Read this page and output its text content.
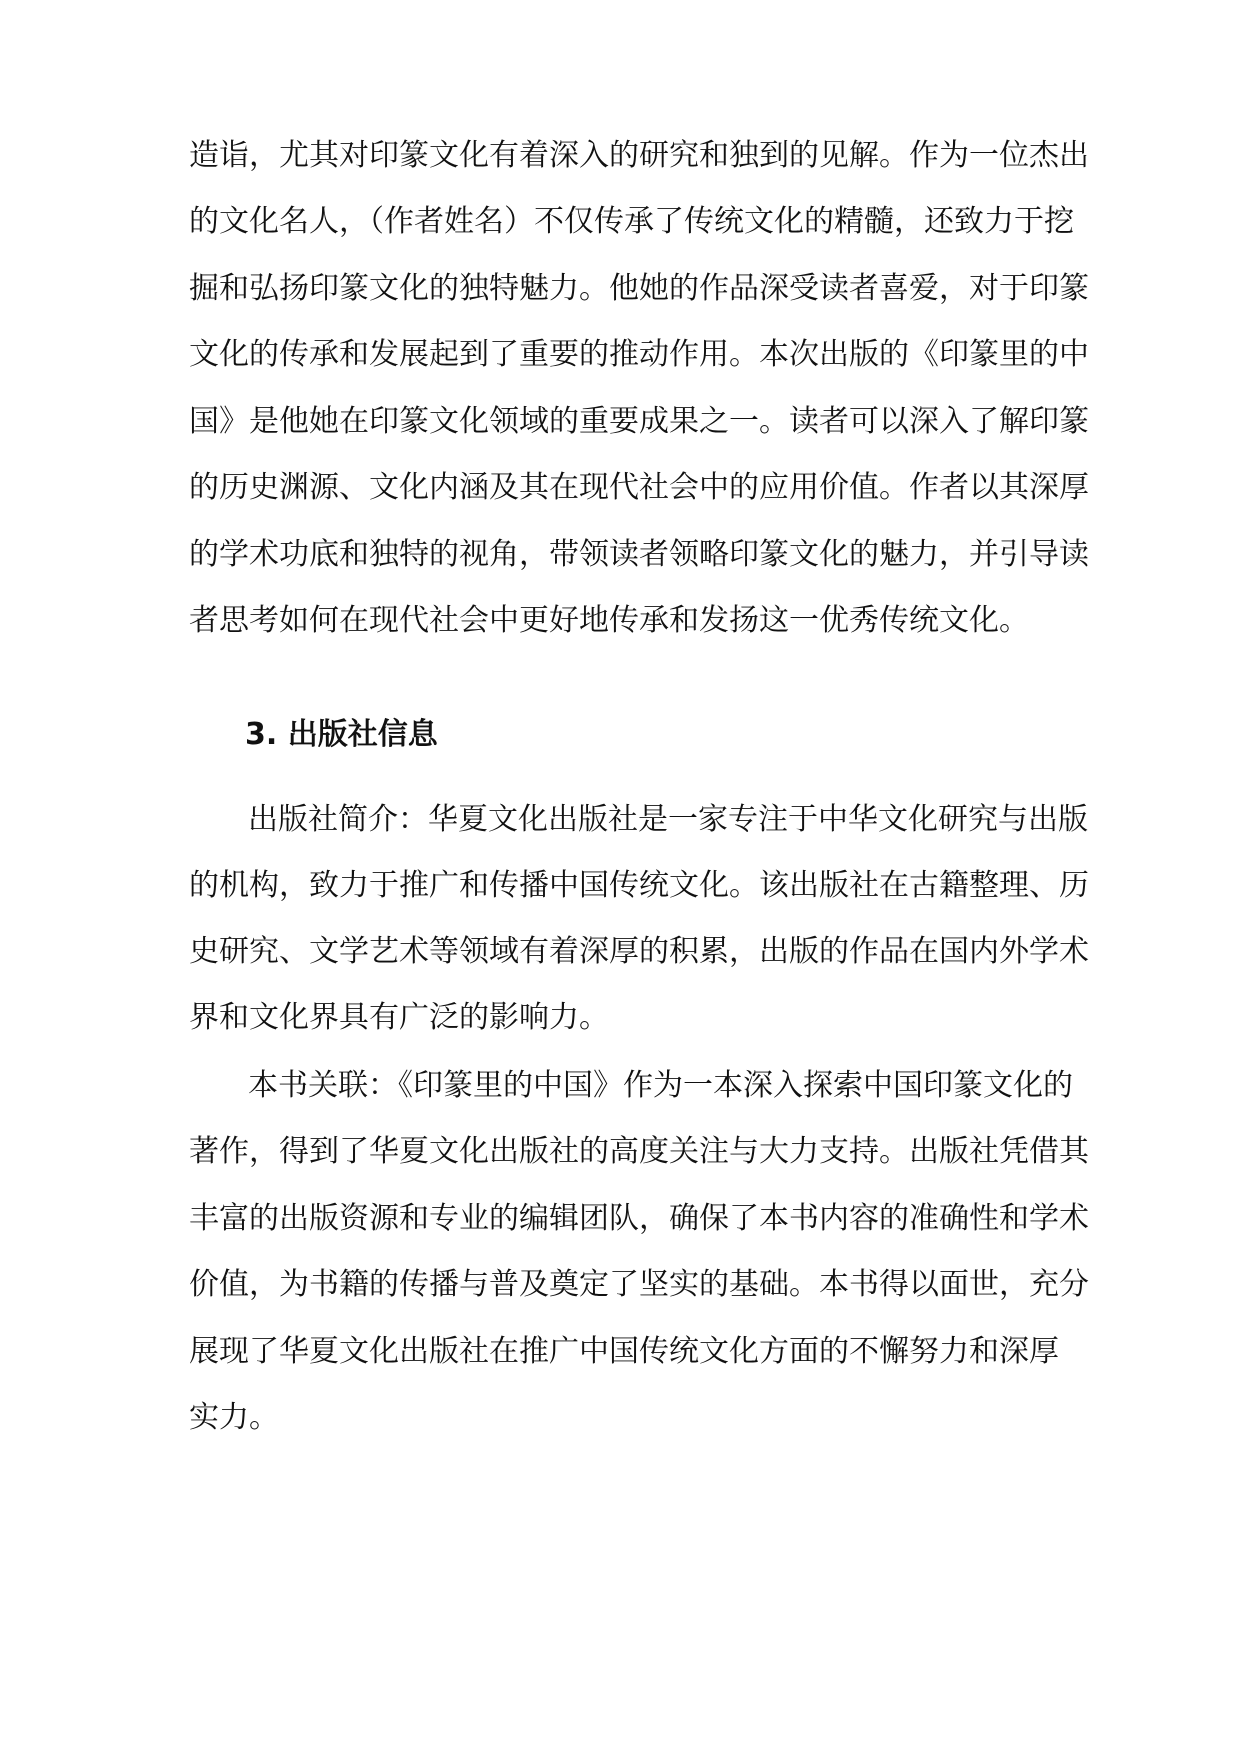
造诣，尤其对印篆文化有着深入的研究和独到的见解。作为一位杰出
的文化名人，（作者姓名）不仅传承了传统文化的精髓，还致力于挖
掘和弘扬印篆文化的独特魅力。他她的作品深受读者喜爱，对于印篆
文化的传承和发展起到了重要的推动作用。本次出版的《印篆里的中
国》是他她在印篆文化领域的重要成果之一。读者可以深入了解印篆
的历史渊源、文化内涵及其在现代社会中的应用价值。作者以其深厚
的学术功底和独特的视角，带领读者领略印篆文化的魅力，并引导读
者思考如何在现代社会中更好地传承和发扬这一优秀传统文化。
3. 出版社信息
出版社简介：华夏文化出版社是一家专注于中华文化研究与出版
的机构，致力于推广和传播中国传统文化。该出版社在古籍整理、历
史研究、文学艺术等领域有着深厚的积累，出版的作品在国内外学术
界和文化界具有广泛的影响力。
本书关联：《印篆里的中国》作为一本深入探索中国印篆文化的
著作，得到了华夏文化出版社的高度关注与大力支持。出版社凭借其
丰富的出版资源和专业的编辑团队，确保了本书内容的准确性和学术
价值，为书籍的传播与普及奠定了坚实的基础。本书得以面世，充分
展现了华夏文化出版社在推广中国传统文化方面的不懈努力和深厚
实力。
